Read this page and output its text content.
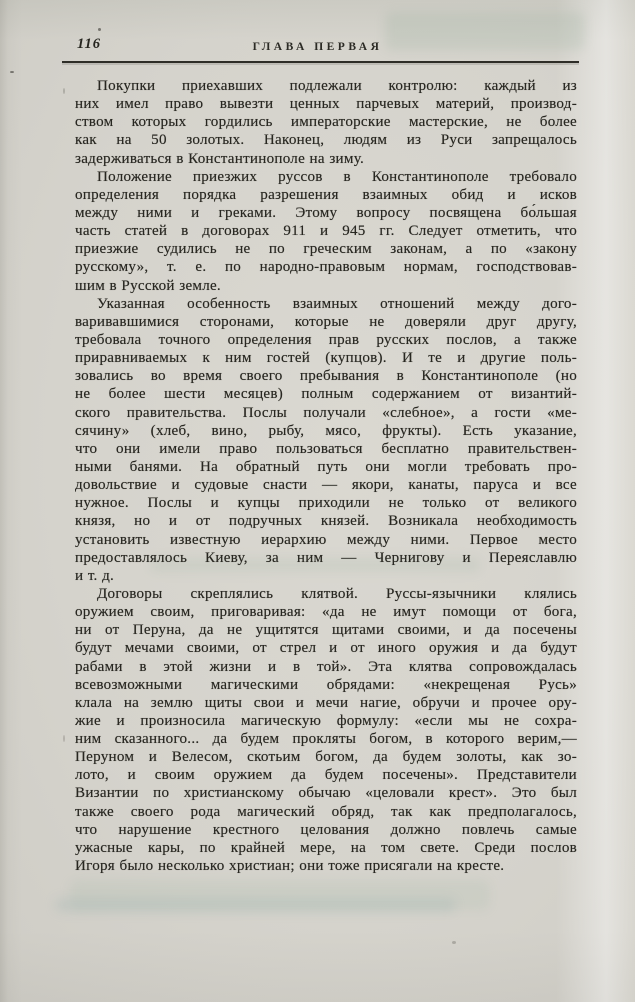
116	ГЛАВА ПЕРВАЯ
Покупки приехавших подлежали контролю: каждый из
них имел право вывезти ценных парчевых материй, производ-
ством которых гордились императорские мастерские, не более
как на 50 золотых. Наконец, людям из Руси запрещалось
задерживаться в Константинополе на зиму.
Положение приезжих руссов в Константинополе требовало
определения порядка разрешения взаимных обид и исков
между ними и греками. Этому вопросу посвящена бо́льшая
часть статей в договорах 911 и 945 гг. Следует отметить, что
приезжие судились не по греческим законам, а по «закону
русскому», т. е. по народно-правовым нормам, господствовав-
шим в Русской земле.
Указанная особенность взаимных отношений между дого-
варивавшимися сторонами, которые не доверяли друг другу,
требовала точного определения прав русских послов, а также
приравниваемых к ним гостей (купцов). И те и другие поль-
зовались во время своего пребывания в Константинополе (но
не более шести месяцев) полным содержанием от византий-
ского правительства. Послы получали «слебное», а гости «ме-
сячину» (хлеб, вино, рыбу, мясо, фрукты). Есть указание,
что они имели право пользоваться бесплатно правительствен-
ными банями. На обратный путь они могли требовать про-
довольствие и судовые снасти — якори, канаты, паруса и все
нужное. Послы и купцы приходили не только от великого
князя, но и от подручных князей. Возникала необходимость
установить известную иерархию между ними. Первое место
предоставлялось Киеву, за ним — Чернигову и Переяславлю
и т. д.
Договоры скреплялись клятвой. Руссы-язычники клялись
оружием своим, приговаривая: «да не имут помощи от бога,
ни от Перуна, да не ущитятся щитами своими, и да посечены
будут мечами своими, от стрел и от иного оружия и да будут
рабами в этой жизни и в той». Эта клятва сопровождалась
всевозможными магическими обрядами: «некрещеная Русь»
клала на землю щиты свои и мечи нагие, обручи и прочее ору-
жие и произносила магическую формулу: «если мы не сохра-
ним сказанного... да будем прокляты богом, в которого верим,—
Перуном и Велесом, скотьим богом, да будем золоты, как зо-
лото, и своим оружием да будем посечены». Представители
Византии по христианскому обычаю «целовали крест». Это был
также своего рода магический обряд, так как предполагалось,
что нарушение крестного целования должно повлечь самые
ужасные кары, по крайней мере, на том свете. Среди послов
Игоря было несколько христиан; они тоже присягали на кресте.
